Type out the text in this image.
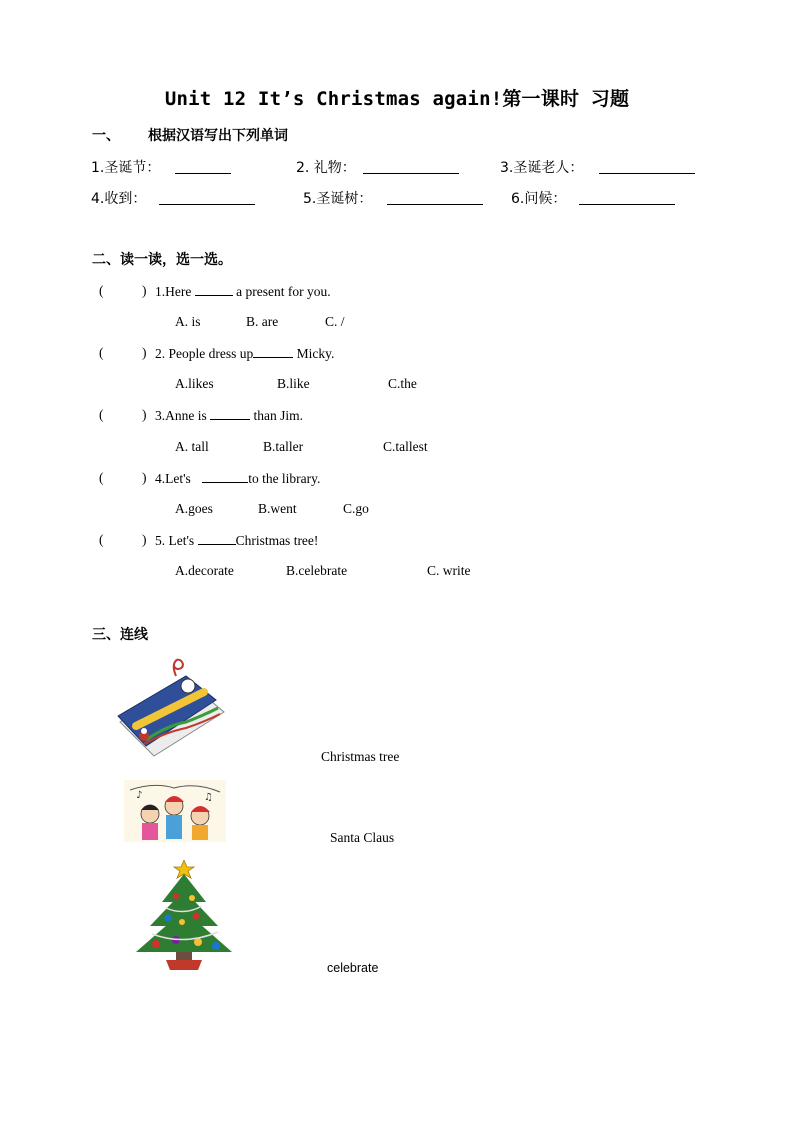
Unit 12 It’s Christmas again!第一课时 习题
一、 根据汉语写出下列单词
1.圣诞节：	2. 礼物：	3.圣诞老人：
4.收到：	5.圣诞树：	6.问候：
二、读一读，选一选。
(	) 1.Here	a present for you.
A. is	B. are	C. /
(	) 2. People dress up	Micky.
A.likes	B.like	C.the
(	) 3.Anne is	than Jim.
A. tall	B.taller	C.tallest
(	) 4.Let's	to the library.
A.goes	B.went	C.go
(	) 5. Let's	Christmas tree!
A.decorate	B.celebrate	C. write
三、连线
♪	♫
Christmas tree
Santa Claus
celebrate
